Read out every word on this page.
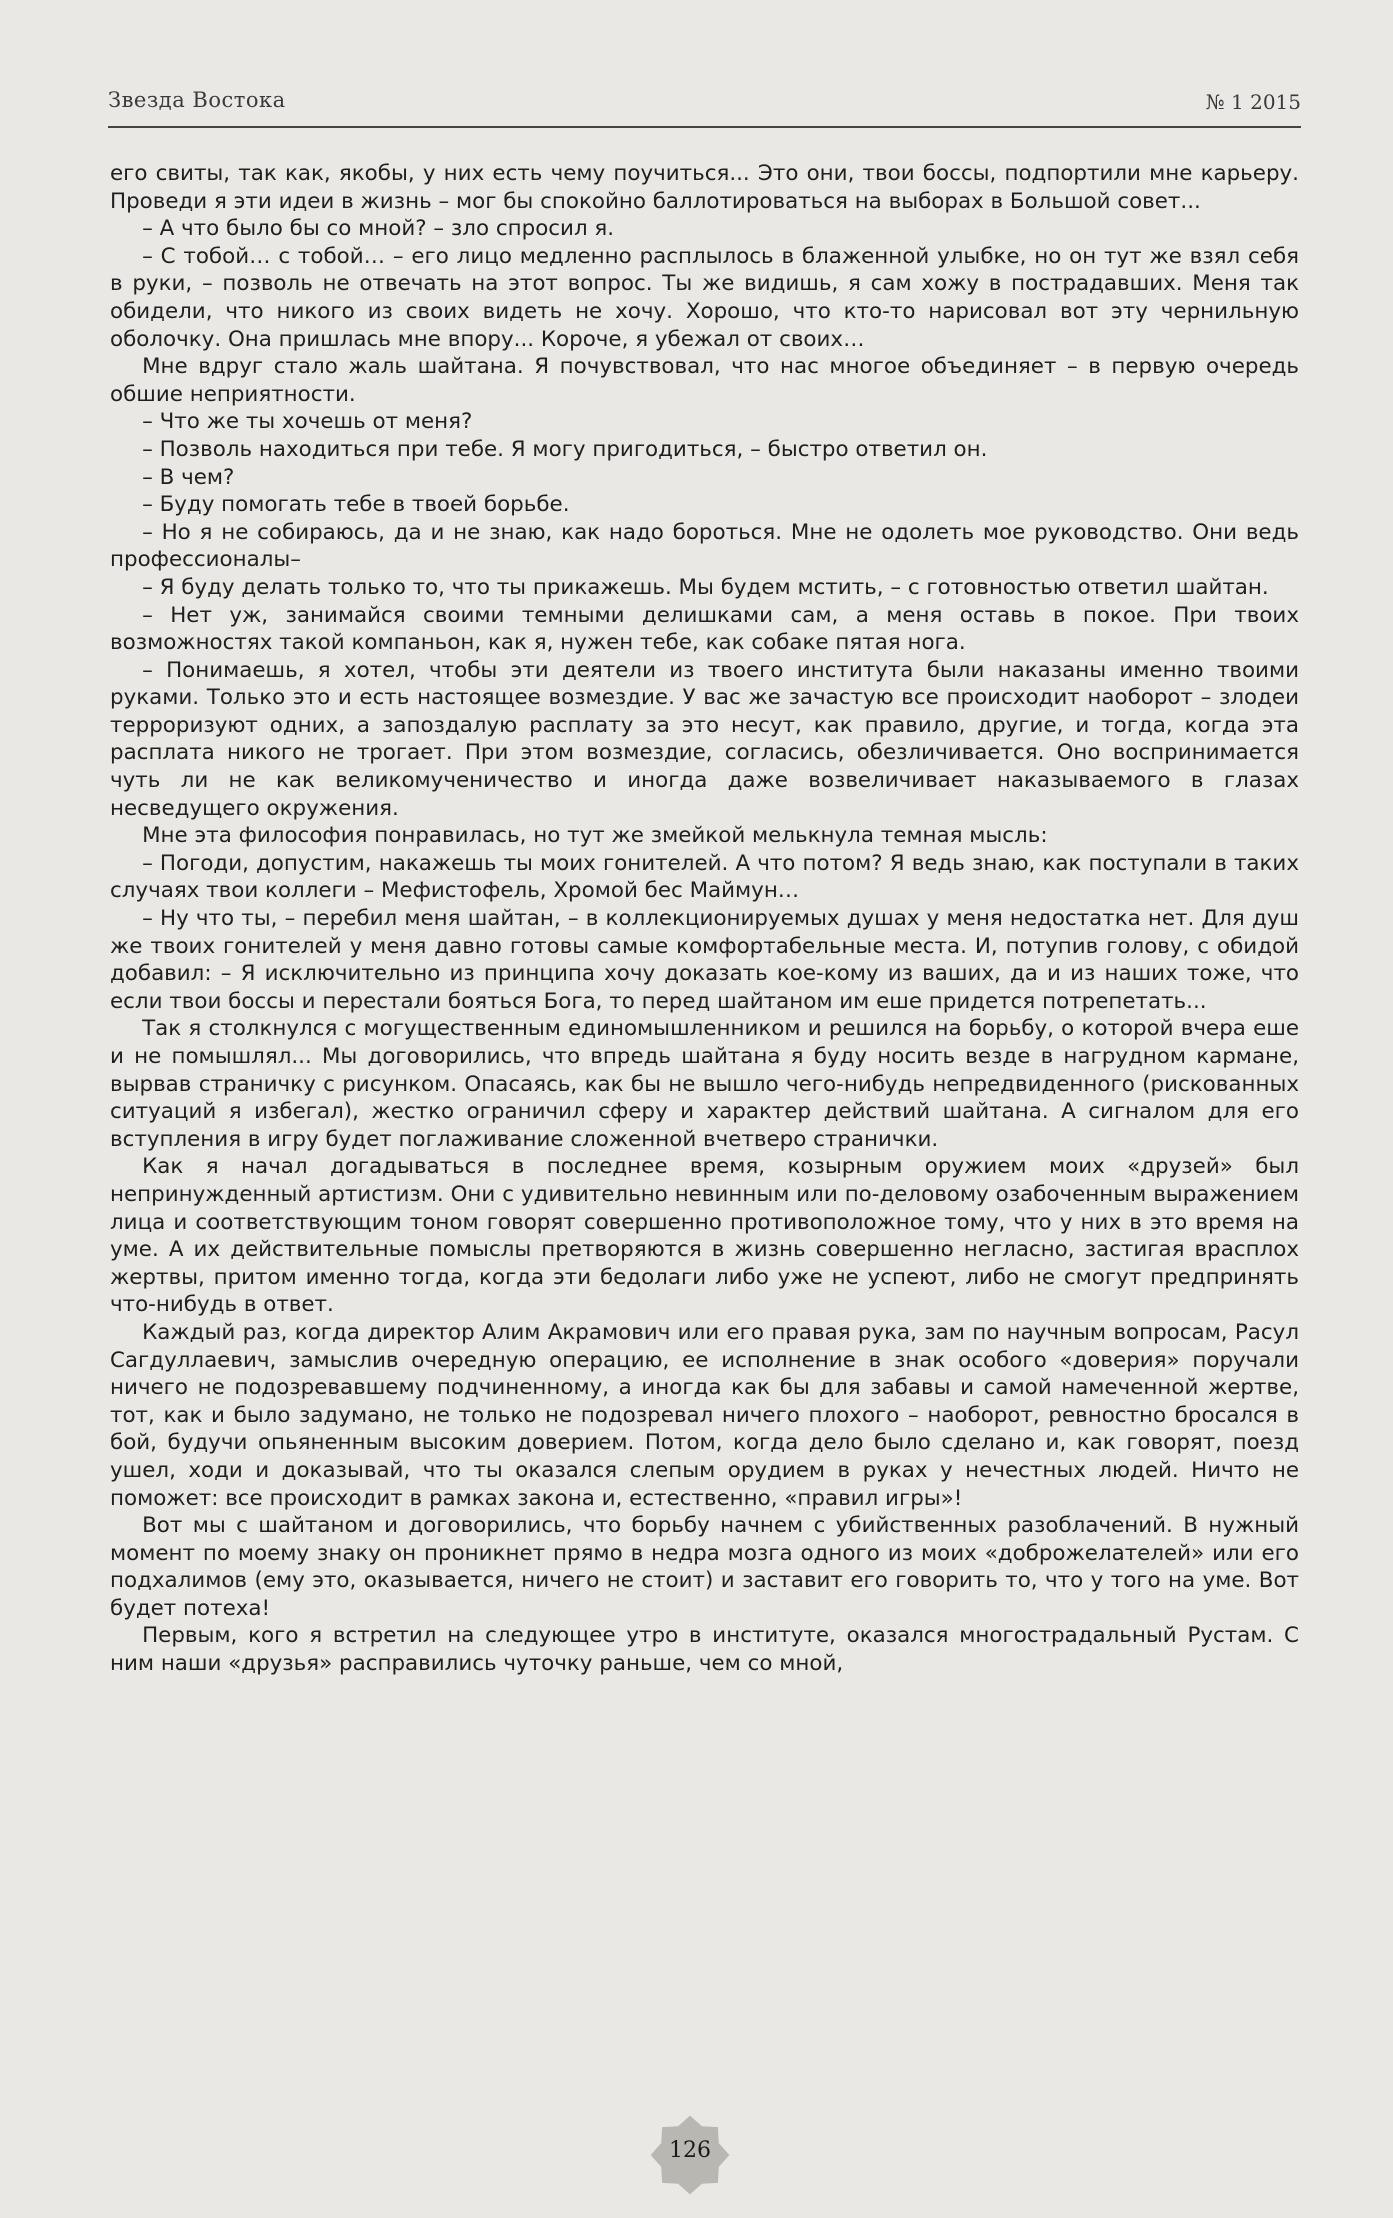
Звезда Востока	№ 1 2015

его свиты, так как, якобы, у них есть чему поучиться... Это они, твои боссы, подпортили мне карьеру. Проведи я эти идеи в жизнь – мог бы спокойно баллотироваться на выборах в Большой совет...

– А что было бы со мной? – зло спросил я.

– С тобой… с тобой… – его лицо медленно расплылось в блаженной улыбке, но он тут же взял себя в руки, – позволь не отвечать на этот вопрос. Ты же видишь, я сам хожу в пострадавших. Меня так обидели, что никого из своих видеть не хочу. Хорошо, что кто-то нарисовал вот эту чернильную оболочку. Она пришлась мне впору... Короче, я убежал от своих…

Мне вдруг стало жаль шайтана. Я почувствовал, что нас многое объединяет – в первую очередь обшие неприятности.

– Что же ты хочешь от меня?

– Позволь находиться при тебе. Я могу пригодиться, – быстро ответил он.

– В чем?

– Буду помогать тебе в твоей борьбе.

– Но я не собираюсь, да и не знаю, как надо бороться. Мне не одолеть мое руководство. Они ведь профессионалы–

– Я буду делать только то, что ты прикажешь. Мы будем мстить, – с готовностью ответил шайтан.

– Нет уж, занимайся своими темными делишками сам, а меня оставь в покое. При твоих возможностях такой компаньон, как я, нужен тебе, как собаке пятая нога.

– Понимаешь, я хотел, чтобы эти деятели из твоего института были наказаны именно твоими руками. Только это и есть настоящее возмездие. У вас же зачастую все происходит наоборот – злодеи терроризуют одних, а запоздалую расплату за это несут, как правило, другие, и тогда, когда эта расплата никого не трогает. При этом возмездие, согласись, обезличивается. Оно воспринимается чуть ли не как великомученичество и иногда даже возвеличивает наказываемого в глазах несведущего окружения.

Мне эта философия понравилась, но тут же змейкой мелькнула темная мысль:

– Погоди, допустим, накажешь ты моих гонителей. А что потом? Я ведь знаю, как поступали в таких случаях твои коллеги – Мефистофель, Хромой бес Маймун…

– Ну что ты, – перебил меня шайтан, – в коллекционируемых душах у меня недостатка нет. Для душ же твоих гонителей у меня давно готовы самые комфортабельные места. И, потупив голову, с обидой добавил: – Я исключительно из принципа хочу доказать кое-кому из ваших, да и из наших тоже, что если твои боссы и перестали бояться Бога, то перед шайтаном им еше придется потрепетать...

Так я столкнулся с могущественным единомышленником и решился на борьбу, о которой вчера еше и не помышлял... Мы договорились, что впредь шайтана я буду носить везде в нагрудном кармане, вырвав страничку с рисунком. Опасаясь, как бы не вышло чего-нибудь непредвиденного (рискованных ситуаций я избегал), жестко ограничил сферу и характер действий шайтана. А сигналом для его вступления в игру будет поглаживание сложенной вчетверо странички.

Как я начал догадываться в последнее время, козырным оружием моих «друзей» был непринужденный артистизм. Они с удивительно невинным или по-деловому озабоченным выражением лица и соответствующим тоном говорят совершенно противоположное тому, что у них в это время на уме. А их действительные помыслы претворяются в жизнь совершенно негласно, застигая врасплох жертвы, притом именно тогда, когда эти бедолаги либо уже не успеют, либо не смогут предпринять что-нибудь в ответ.

Каждый раз, когда директор Алим Акрамович или его правая рука, зам по научным вопросам, Расул Сагдуллаевич, замыслив очередную операцию, ее исполнение в знак особого «доверия» поручали ничего не подозревавшему подчиненному, а иногда как бы для забавы и самой намеченной жертве, тот, как и было задумано, не только не подозревал ничего плохого – наоборот, ревностно бросался в бой, будучи опьяненным высоким доверием. Потом, когда дело было сделано и, как говорят, поезд ушел, ходи и доказывай, что ты оказался слепым орудием в руках у нечестных людей. Ничто не поможет: все происходит в рамках закона и, естественно, «правил игры»!

Вот мы с шайтаном и договорились, что борьбу начнем с убийственных разоблачений. В нужный момент по моему знаку он проникнет прямо в недра мозга одного из моих «доброжелателей» или его подхалимов (ему это, оказывается, ничего не стоит) и заставит его говорить то, что у того на уме. Вот будет потеха!

Первым, кого я встретил на следующее утро в институте, оказался многострадальный Рустам. С ним наши «друзья» расправились чуточку раньше, чем со мной,

126
